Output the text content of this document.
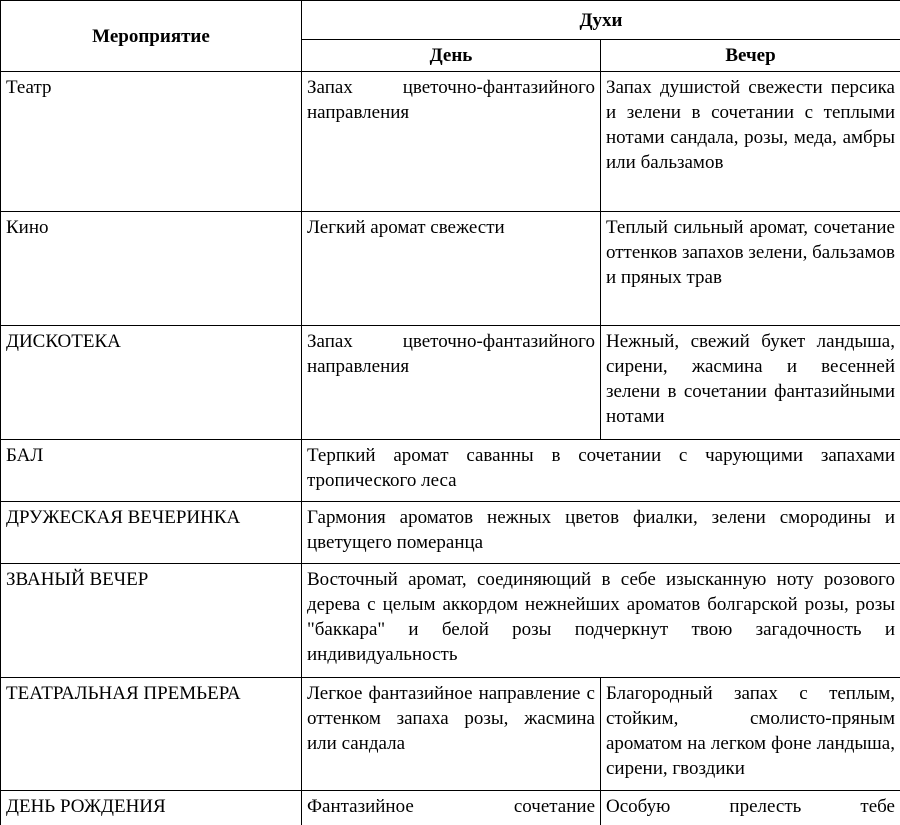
Мероприятие	Духи	
	День	Вечер
Театр	Запах цветочно-фантазийного направления	Запах душистой свежести персика и зелени в сочетании с теплыми нотами сандала, розы, меда, амбры или бальзамов
Кино	Легкий аромат свежести	Теплый сильный аромат, сочетание оттенков запахов зелени, бальзамов и пряных трав
ДИСКОТЕКА	Запах цветочно-фантазийного направления	Нежный, свежий букет ландыша, сирени, жасмина и весенней зелени в сочетании фантазийными нотами
БАЛ	Терпкий аромат саванны в сочетании с чарующими запахами тропического леса	
ДРУЖЕСКАЯ ВЕЧЕРИНКА	Гармония ароматов нежных цветов фиалки, зелени смородины и цветущего померанца	
ЗВАНЫЙ ВЕЧЕР	Восточный аромат, соединяющий в себе изысканную ноту розового дерева с целым аккордом нежнейших ароматов болгарской розы, розы "баккара" и белой розы подчеркнут твою загадочность и индивидуальность	
ТЕАТРАЛЬНАЯ ПРЕМЬЕРА	Легкое фантазийное направление с оттенком запаха розы, жасмина или сандала	Благородный запах с теплым, стойким, смолисто-пряным ароматом на легком фоне ландыша, сирени, гвоздики
ДЕНЬ РОЖДЕНИЯ	Фантазийное сочетание	Особую прелесть тебе
